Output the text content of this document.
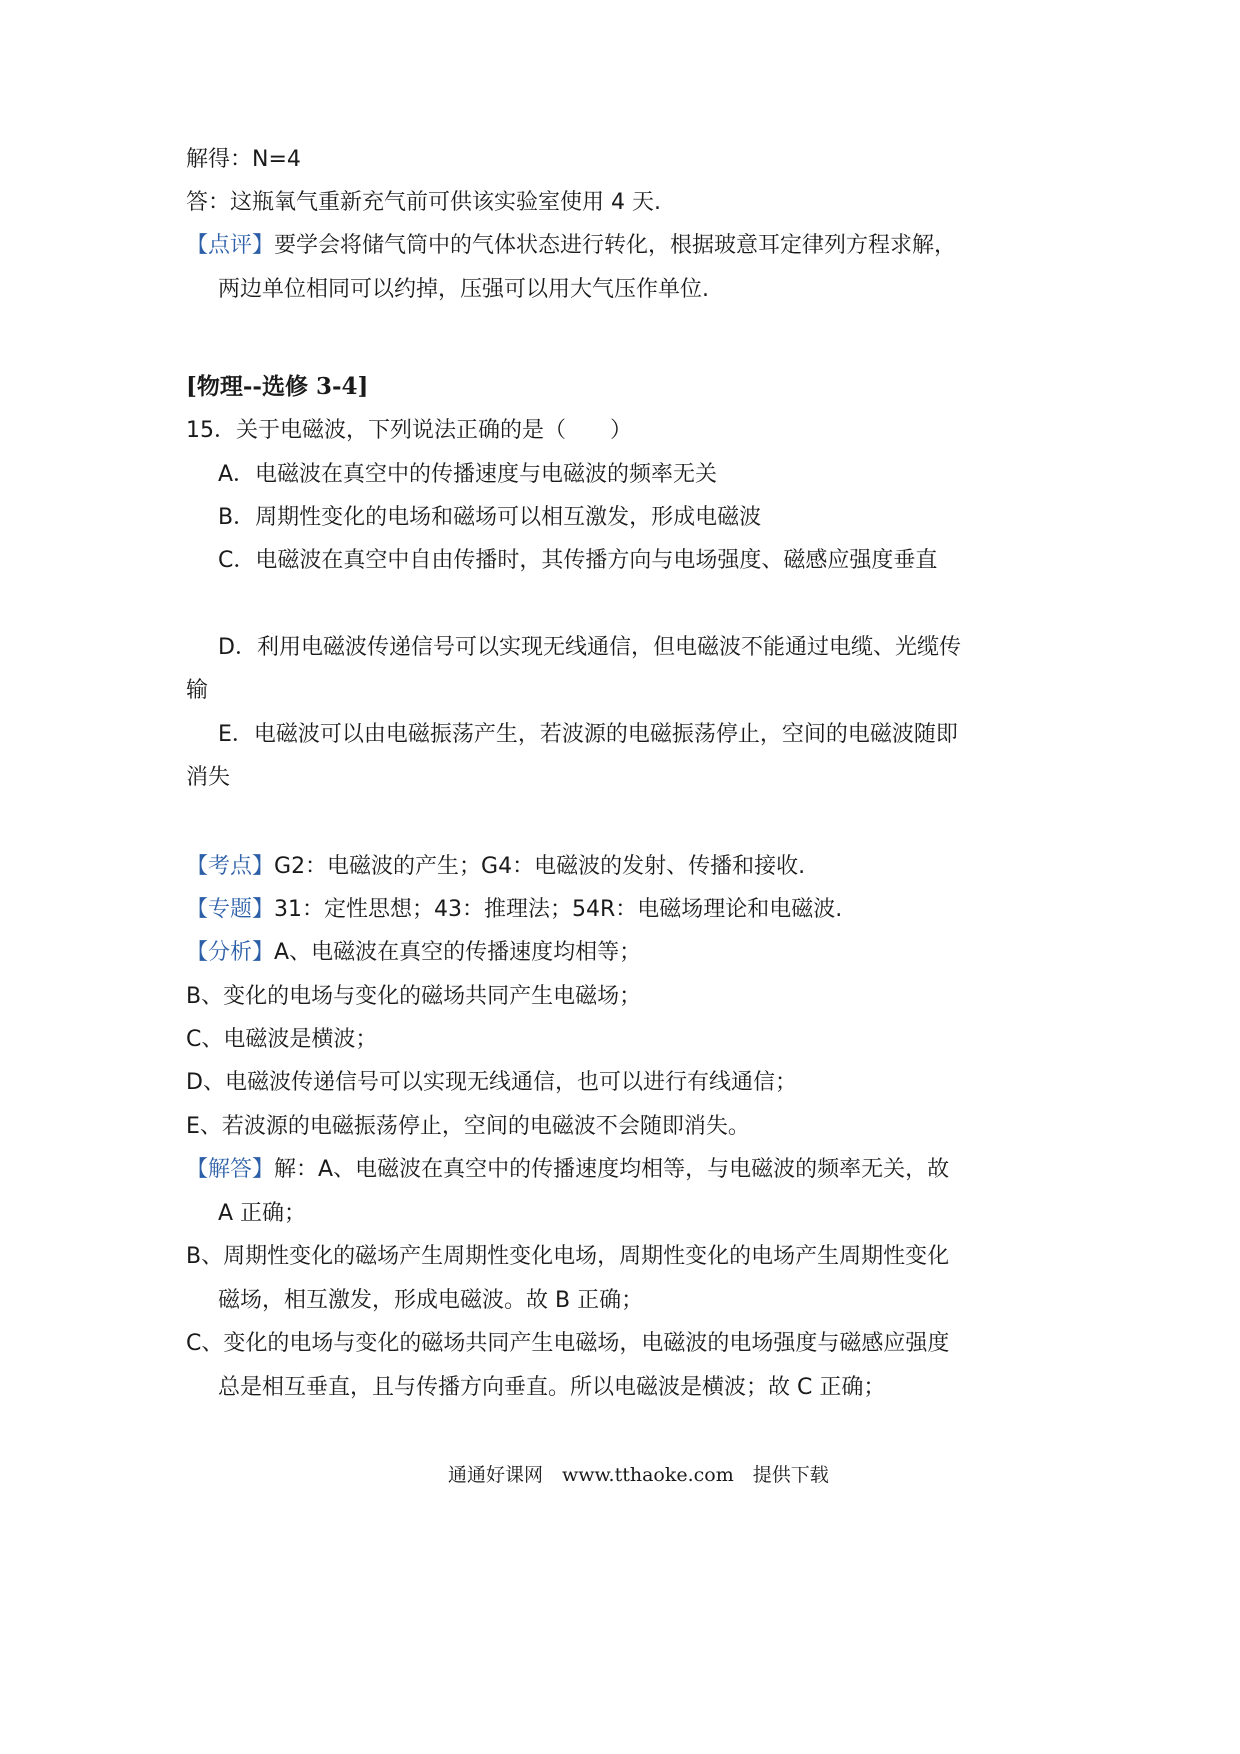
解得：N=4
答：这瓶氧气重新充气前可供该实验室使用 4 天.
【点评】要学会将储气筒中的气体状态进行转化，根据玻意耳定律列方程求解，
两边单位相同可以约掉，压强可以用大气压作单位.
[物理--选修 3-4]
15．关于电磁波，下列说法正确的是（　　）
A．电磁波在真空中的传播速度与电磁波的频率无关
B．周期性变化的电场和磁场可以相互激发，形成电磁波
C．电磁波在真空中自由传播时，其传播方向与电场强度、磁感应强度垂直
D．利用电磁波传递信号可以实现无线通信，但电磁波不能通过电缆、光缆传
输
E．电磁波可以由电磁振荡产生，若波源的电磁振荡停止，空间的电磁波随即
消失
【考点】G2：电磁波的产生；G4：电磁波的发射、传播和接收.
【专题】31：定性思想；43：推理法；54R：电磁场理论和电磁波.
【分析】A、电磁波在真空的传播速度均相等；
B、变化的电场与变化的磁场共同产生电磁场；
C、电磁波是横波；
D、电磁波传递信号可以实现无线通信，也可以进行有线通信；
E、若波源的电磁振荡停止，空间的电磁波不会随即消失。
【解答】解：A、电磁波在真空中的传播速度均相等，与电磁波的频率无关，故
A 正确；
B、周期性变化的磁场产生周期性变化电场，周期性变化的电场产生周期性变化
磁场，相互激发，形成电磁波。故 B 正确；
C、变化的电场与变化的磁场共同产生电磁场，电磁波的电场强度与磁感应强度
总是相互垂直，且与传播方向垂直。所以电磁波是横波；故 C 正确；
通通好课网　www.tthaoke.com　提供下载
